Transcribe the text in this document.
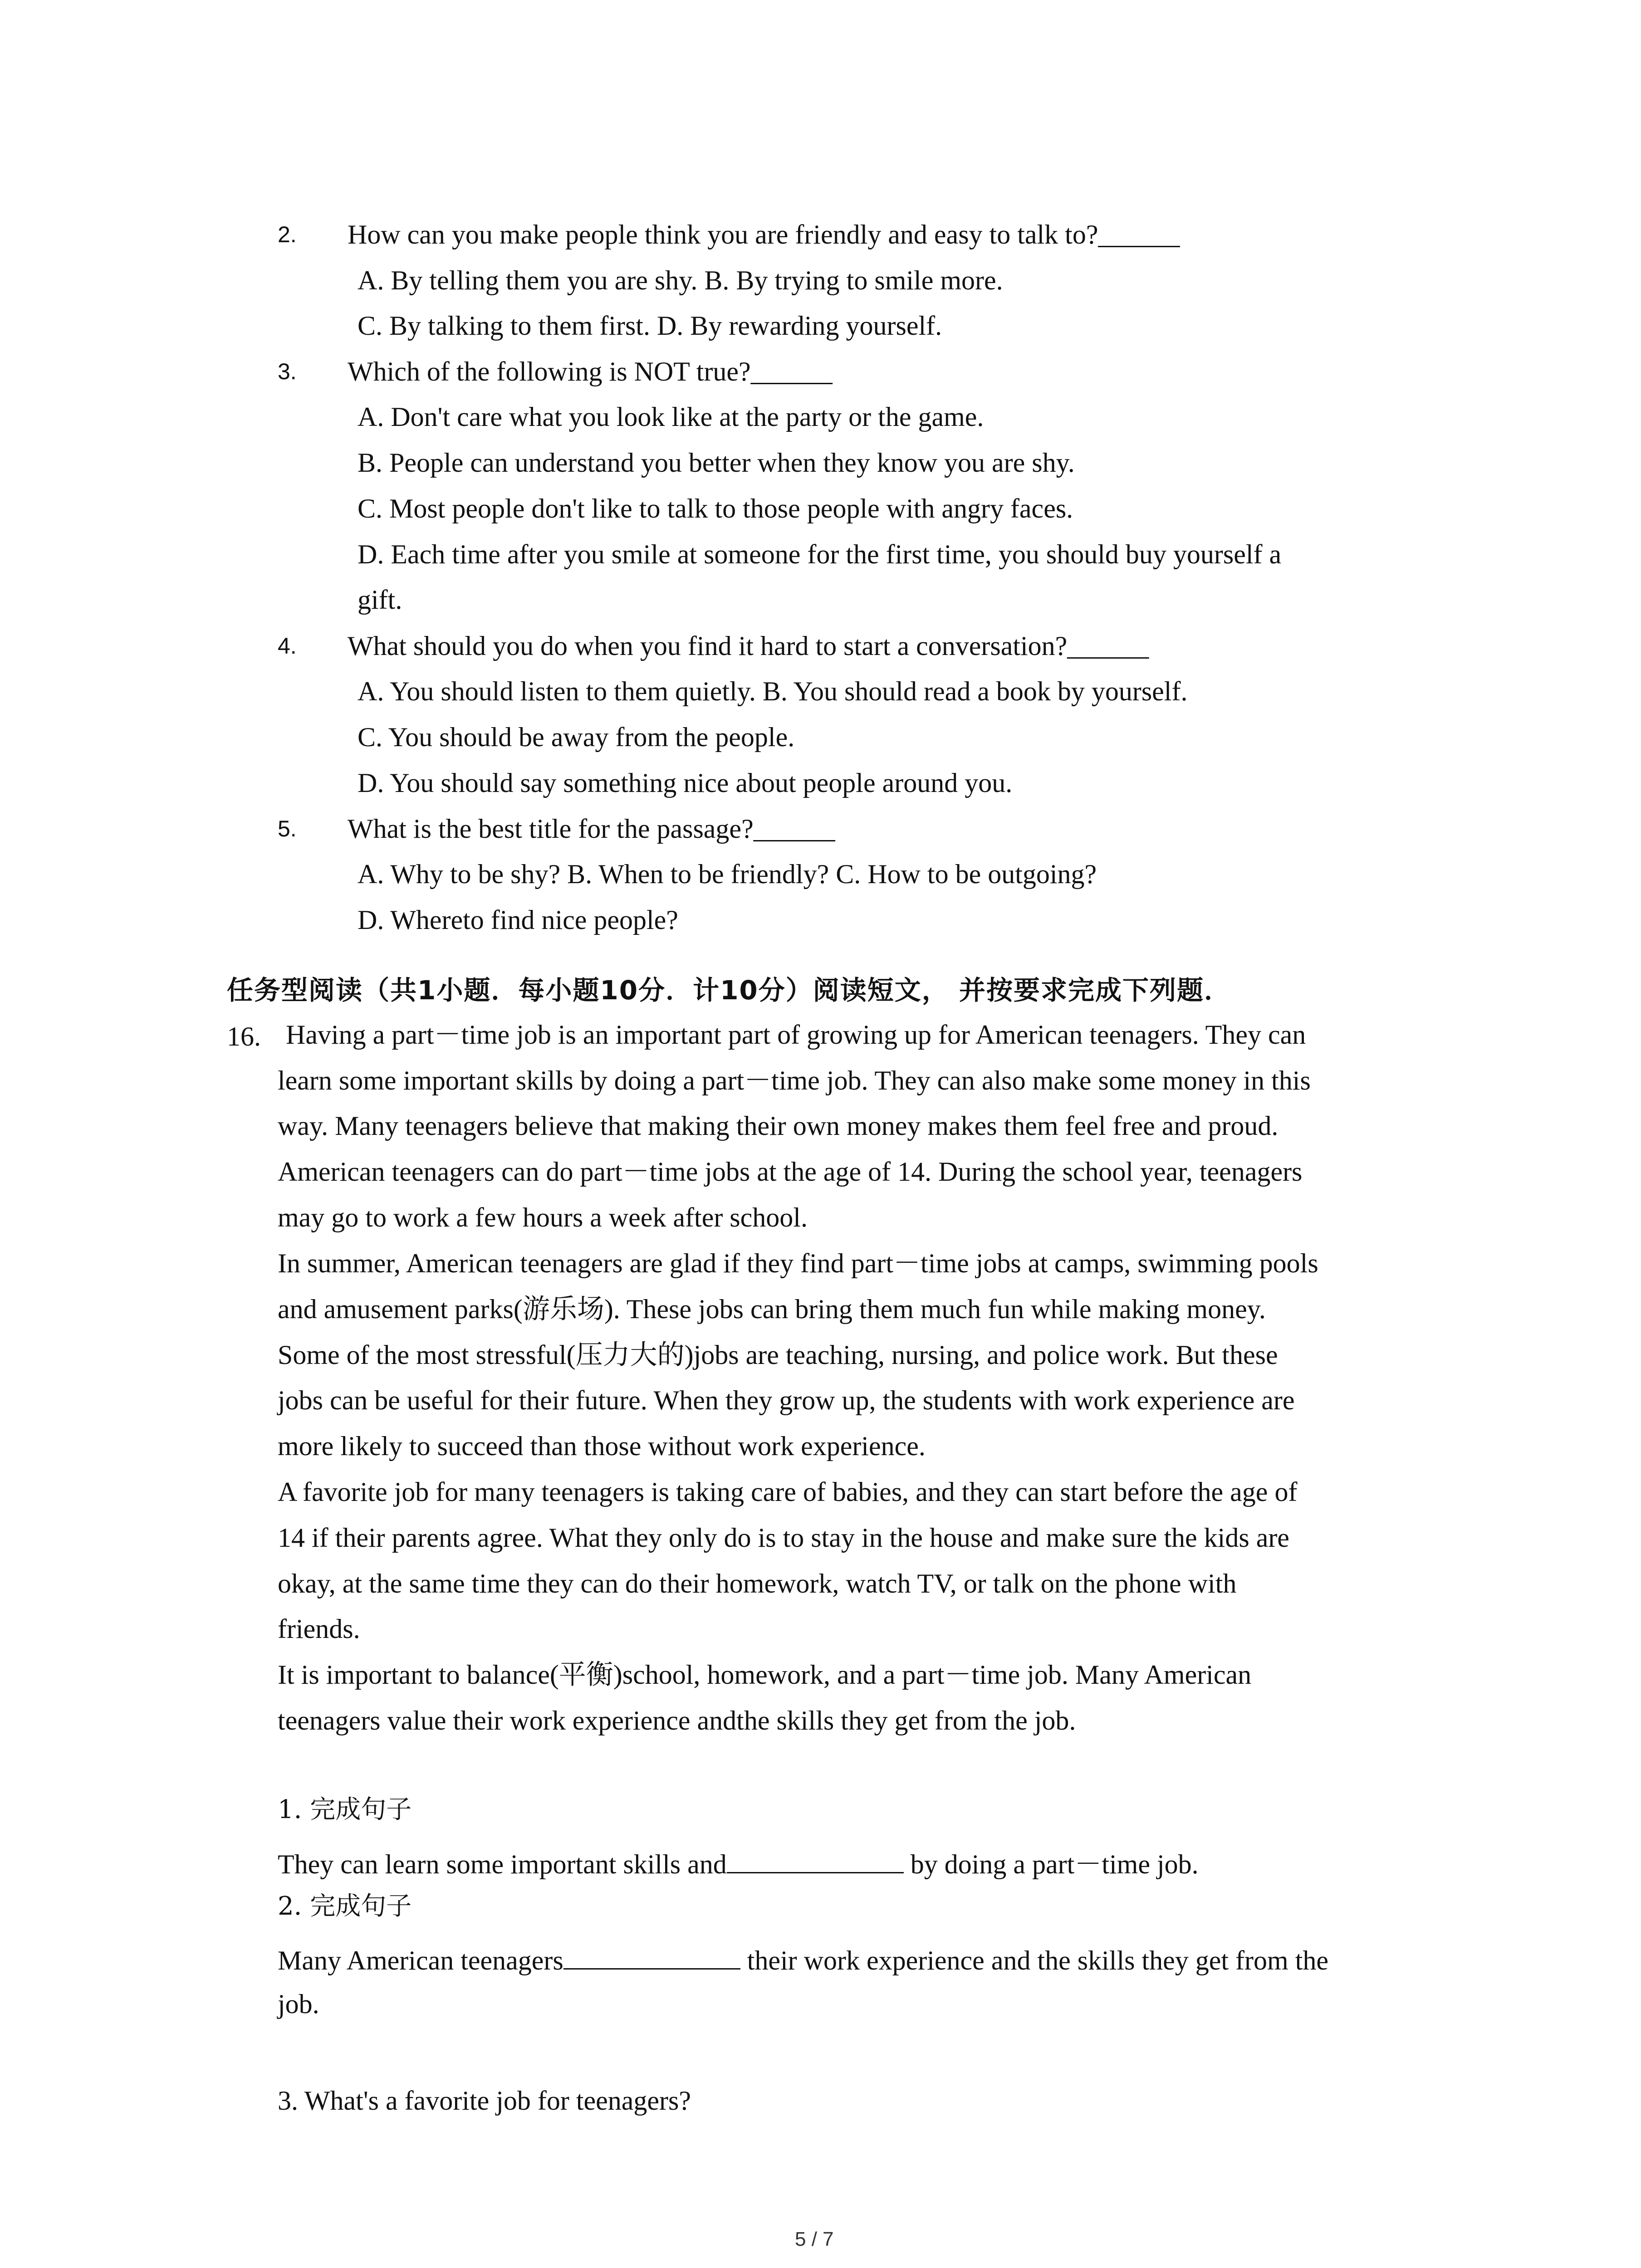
2. How can you make people think you are friendly and easy to talk to?______
A. By telling them you are shy. B. By trying to smile more.
C. By talking to them first. D. By rewarding yourself.
3. Which of the following is NOT true?______
A. Don't care what you look like at the party or the game.
B. People can understand you better when they know you are shy.
C. Most people don't like to talk to those people with angry faces.
D. Each time after you smile at someone for the first time, you should buy yourself a
gift.
4. What should you do when you find it hard to start a conversation?______
A. You should listen to them quietly. B. You should read a book by yourself.
C. You should be away from the people.
D. You should say something nice about people around you.
5. What is the best title for the passage?______
A. Why to be shy? B. When to be friendly? C. How to be outgoing?
D. Whereto find nice people?
任务型阅读（共1小题．每小题10分．计10分）阅读短文， 并按要求完成下列题．
16. Having a part－time job is an important part of growing up for American teenagers. They can
learn some important skills by doing a part－time job. They can also make some money in this
way. Many teenagers believe that making their own money makes them feel free and proud.
American teenagers can do part－time jobs at the age of 14. During the school year, teenagers
may go to work a few hours a week after school.
In summer, American teenagers are glad if they find part－time jobs at camps, swimming pools
and amusement parks(游乐场). These jobs can bring them much fun while making money.
Some of the most stressful(压力大的)jobs are teaching, nursing, and police work. But these
jobs can be useful for their future. When they grow up, the students with work experience are
more likely to succeed than those without work experience.
A favorite job for many teenagers is taking care of babies, and they can start before the age of
14 if their parents agree. What they only do is to stay in the house and make sure the kids are
okay, at the same time they can do their homework, watch TV, or talk on the phone with
friends.
It is important to balance(平衡)school, homework, and a part－time job. Many American
teenagers value their work experience andthe skills they get from the job.
1. 完成句子
They can learn some important skills and	by doing a part－time job.
2. 完成句子
Many American teenagers	their work experience and the skills they get from the
job.
3. What's a favorite job for teenagers?
5 / 7
